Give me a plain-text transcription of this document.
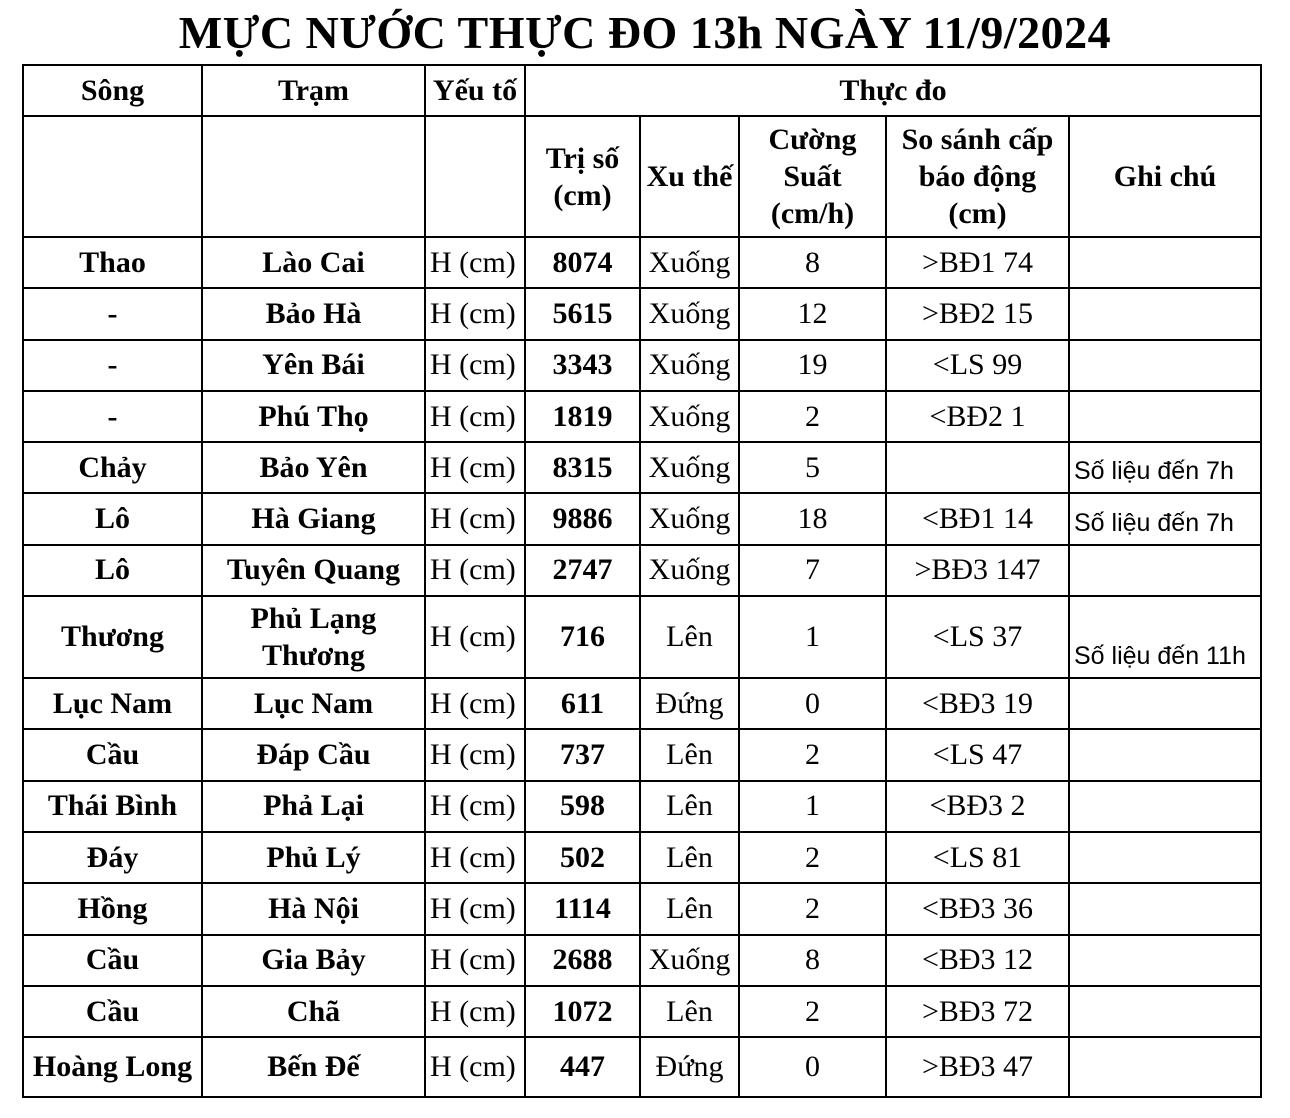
MỰC NƯỚC THỰC ĐO 13h NGÀY 11/9/2024
Sông	Trạm	Yếu tố	Thực đo				
			Trị số (cm)	Xu thế	Cường Suất (cm/h)	So sánh cấp báo động (cm)	Ghi chú
Thao	Lào Cai	H (cm)	8074	Xuống	8	>BĐ1 74	
-	Bảo Hà	H (cm)	5615	Xuống	12	>BĐ2 15	
-	Yên Bái	H (cm)	3343	Xuống	19	<LS 99	
-	Phú Thọ	H (cm)	1819	Xuống	2	<BĐ2 1	
Chảy	Bảo Yên	H (cm)	8315	Xuống	5		Số liệu đến 7h
Lô	Hà Giang	H (cm)	9886	Xuống	18	<BĐ1 14	Số liệu đến 7h
Lô	Tuyên Quang	H (cm)	2747	Xuống	7	>BĐ3 147	
Thương	Phủ Lạng Thương	H (cm)	716	Lên	1	<LS 37	Số liệu đến 11h
Lục Nam	Lục Nam	H (cm)	611	Đứng	0	<BĐ3 19	
Cầu	Đáp Cầu	H (cm)	737	Lên	2	<LS 47	
Thái Bình	Phả Lại	H (cm)	598	Lên	1	<BĐ3 2	
Đáy	Phủ Lý	H (cm)	502	Lên	2	<LS 81	
Hồng	Hà Nội	H (cm)	1114	Lên	2	<BĐ3 36	
Cầu	Gia Bảy	H (cm)	2688	Xuống	8	<BĐ3 12	
Cầu	Chã	H (cm)	1072	Lên	2	>BĐ3 72	
Hoàng Long	Bến Đế	H (cm)	447	Đứng	0	>BĐ3 47	
